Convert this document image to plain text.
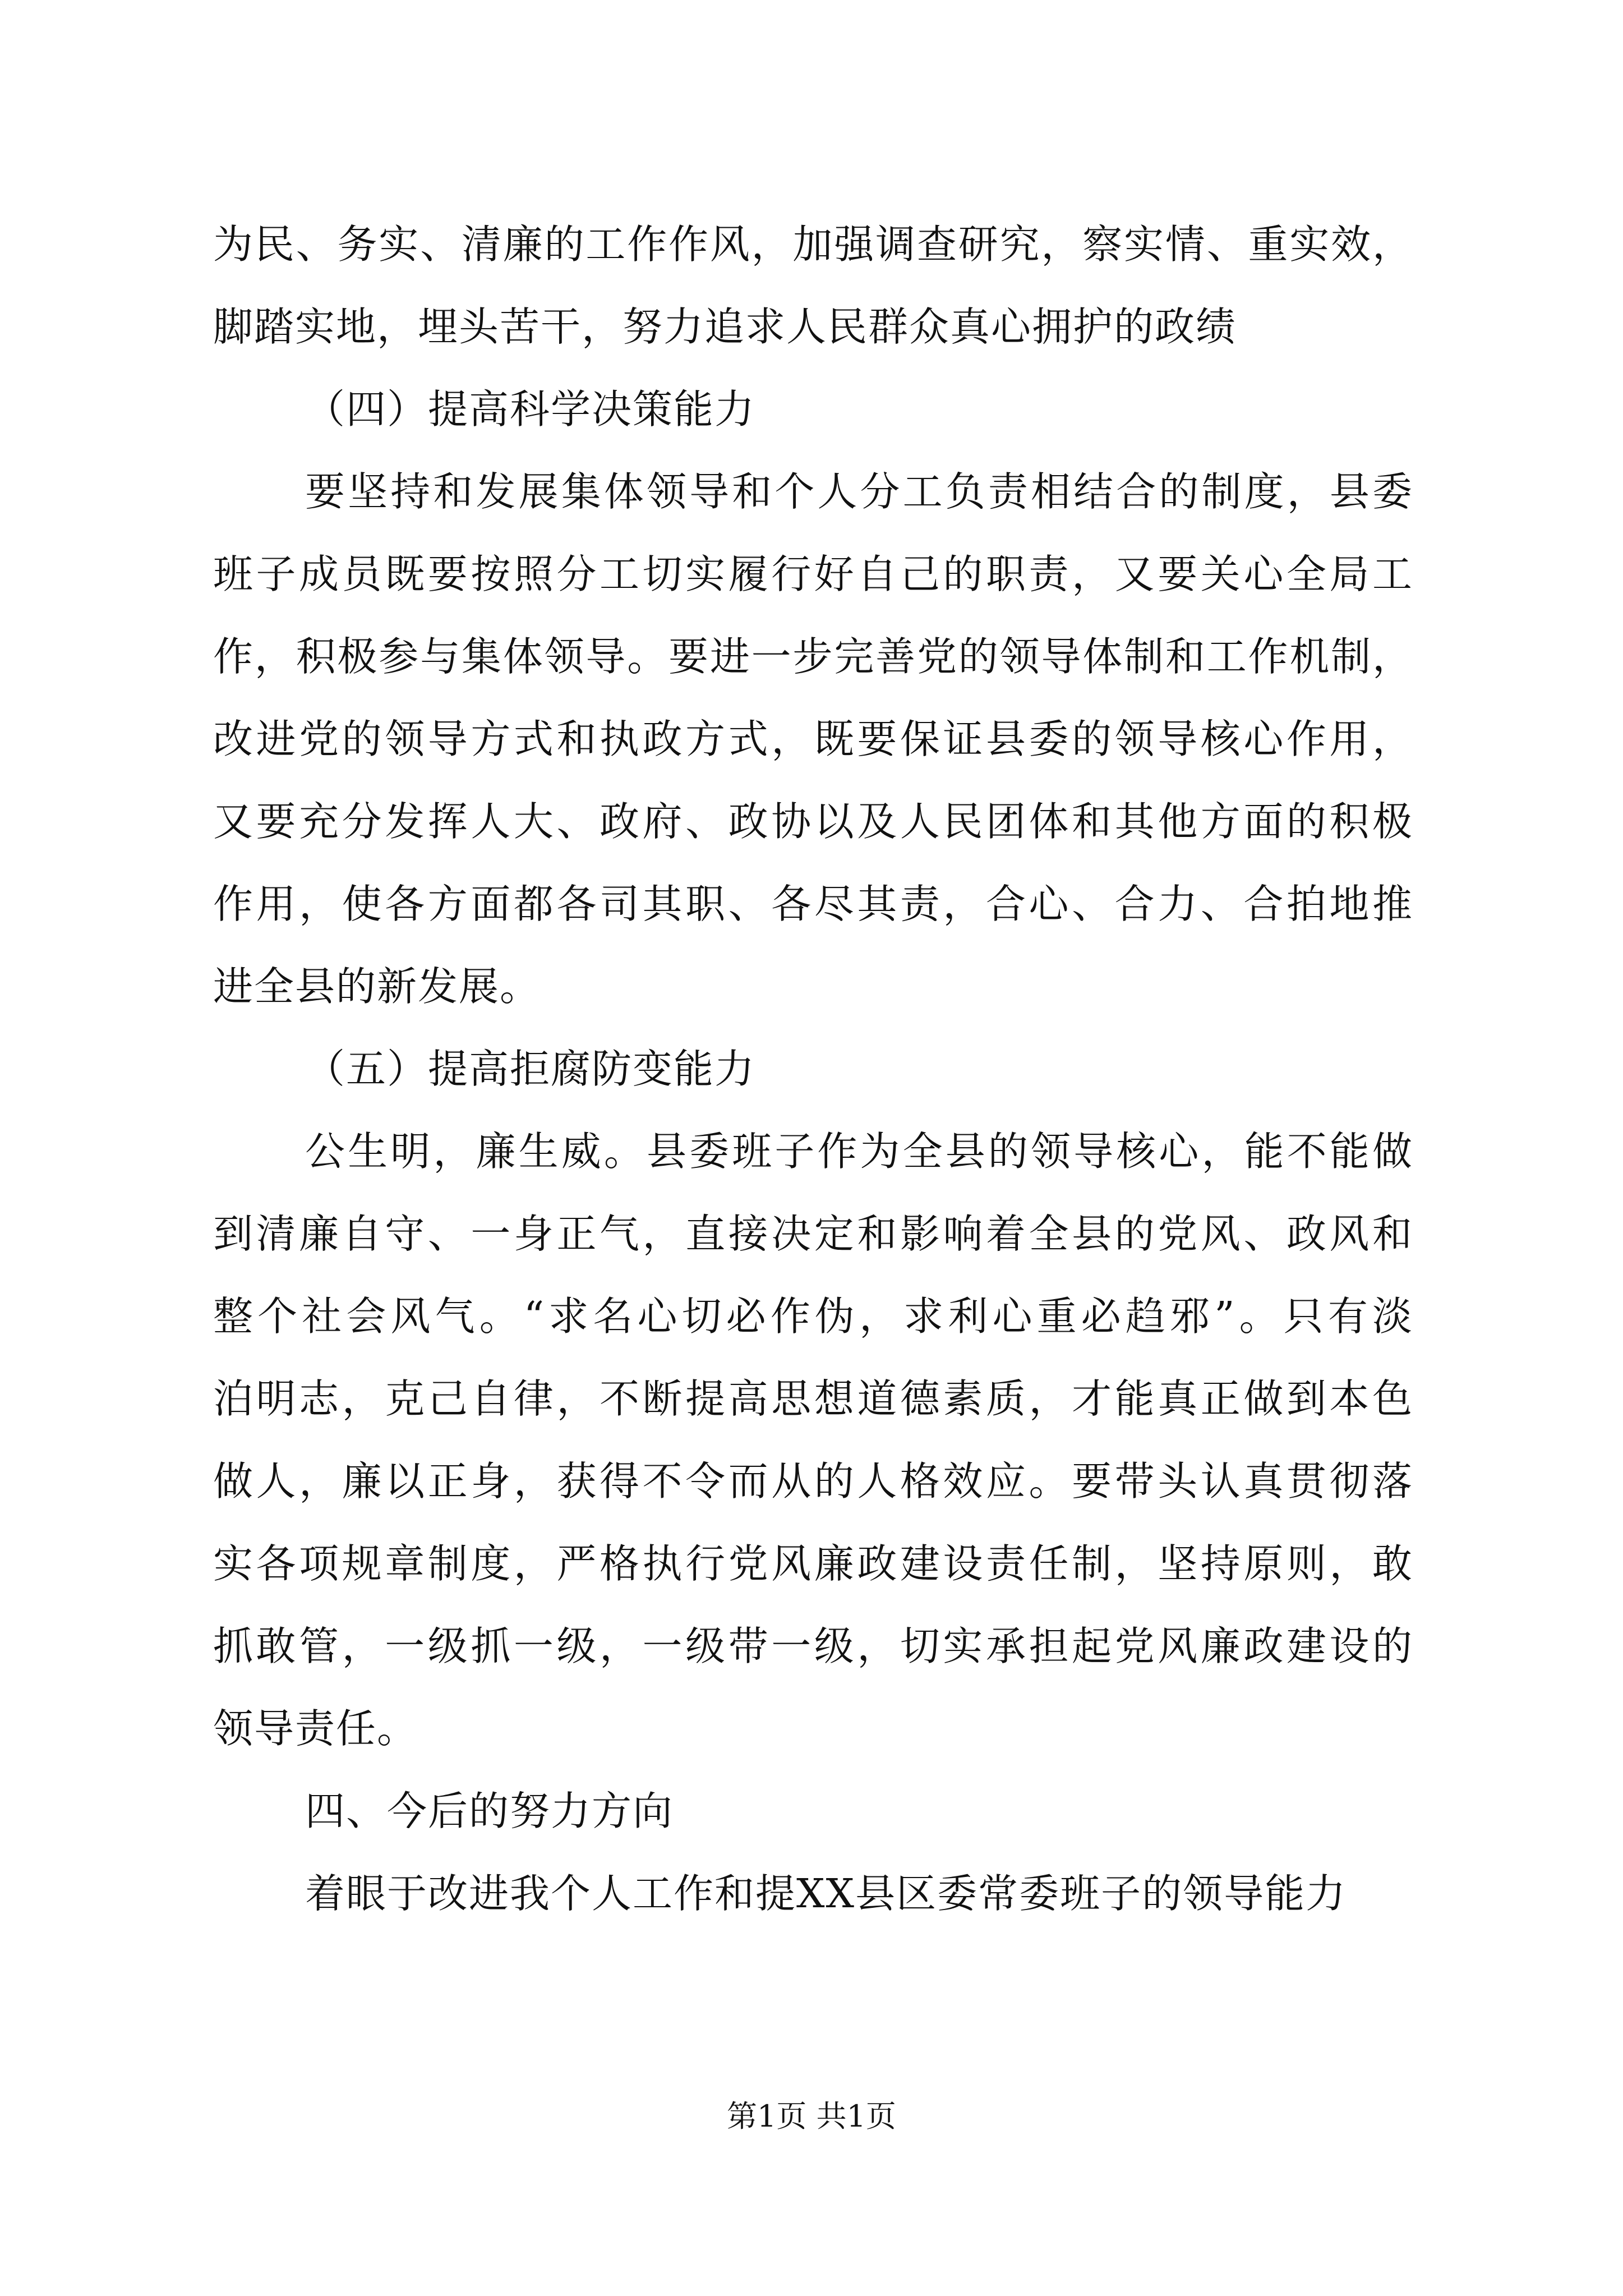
为民、务实、清廉的工作作风，加强调查研究，察实情、重实效，
脚踏实地，埋头苦干，努力追求人民群众真心拥护的政绩
（四）提高科学决策能力
要坚持和发展集体领导和个人分工负责相结合的制度，县委
班子成员既要按照分工切实履行好自己的职责，又要关心全局工
作，积极参与集体领导。要进一步完善党的领导体制和工作机制，
改进党的领导方式和执政方式，既要保证县委的领导核心作用，
又要充分发挥人大、政府、政协以及人民团体和其他方面的积极
作用，使各方面都各司其职、各尽其责，合心、合力、合拍地推
进全县的新发展。
（五）提高拒腐防变能力
公生明，廉生威。县委班子作为全县的领导核心，能不能做
到清廉自守、一身正气，直接决定和影响着全县的党风、政风和
整个社会风气。“求名心切必作伪，求利心重必趋邪”。只有淡
泊明志，克己自律，不断提高思想道德素质，才能真正做到本色
做人，廉以正身，获得不令而从的人格效应。要带头认真贯彻落
实各项规章制度，严格执行党风廉政建设责任制，坚持原则，敢
抓敢管，一级抓一级，一级带一级，切实承担起党风廉政建设的
领导责任。
四、今后的努力方向
着眼于改进我个人工作和提XX县区委常委班子的领导能力
第1页 共1页
